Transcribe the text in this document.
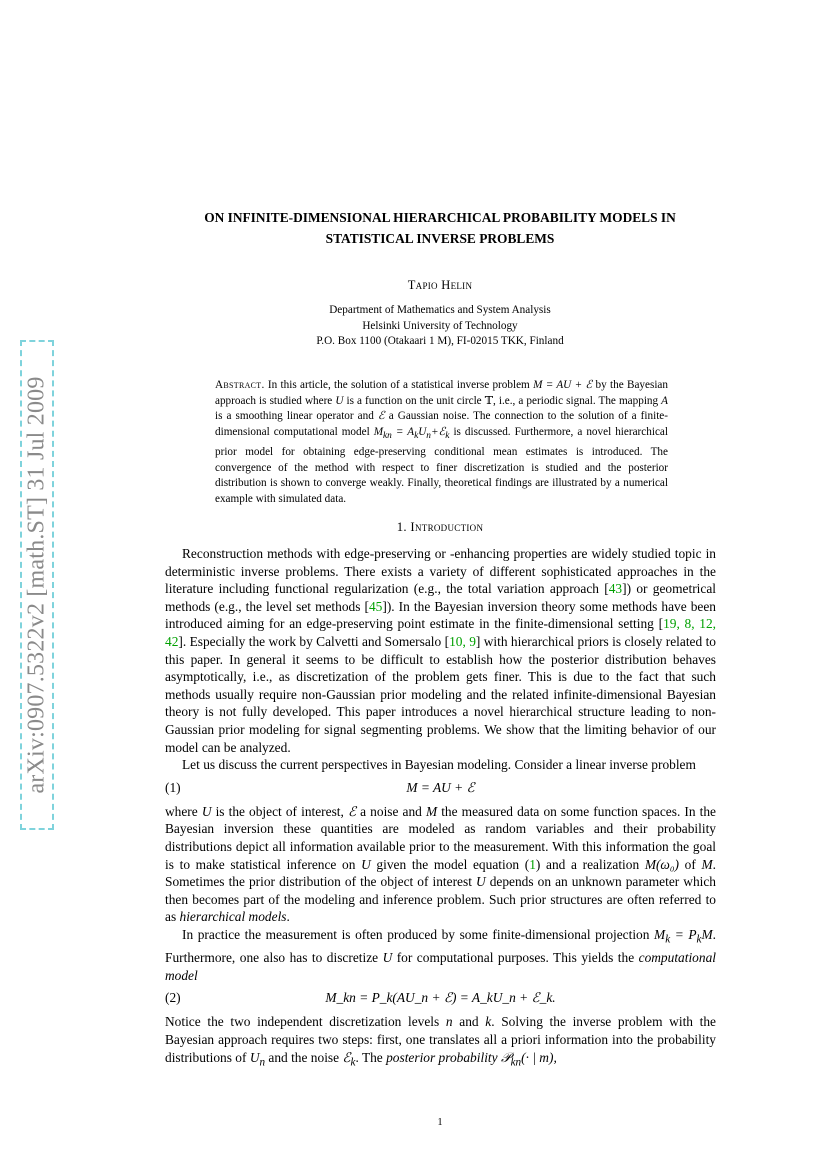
arXiv:0907.5322v2 [math.ST] 31 Jul 2009
ON INFINITE-DIMENSIONAL HIERARCHICAL PROBABILITY MODELS IN
STATISTICAL INVERSE PROBLEMS
Tapio Helin
Department of Mathematics and System Analysis
Helsinki University of Technology
P.O. Box 1100 (Otakaari 1 M), FI-02015 TKK, Finland
Abstract. In this article, the solution of a statistical inverse problem M = AU + ℰ by the Bayesian approach is studied where U is a function on the unit circle 𝕋, i.e., a periodic signal. The mapping A is a smoothing linear operator and ℰ a Gaussian noise. The connection to the solution of a finite-dimensional computational model $M_{kn}$ = $A_kU_n+ℰ_k$ is discussed. Furthermore, a novel hierarchical prior model for obtaining edge-preserving conditional mean estimates is introduced. The convergence of the method with respect to finer discretization is studied and the posterior distribution is shown to converge weakly. Finally, theoretical findings are illustrated by a numerical example with simulated data.
1. Introduction

Reconstruction methods with edge-preserving or -enhancing properties are widely studied topic in deterministic inverse problems. There exists a variety of different sophisticated approaches in the literature including functional regularization (e.g., the total variation approach [43]) or geometrical methods (e.g., the level set methods [45]). In the Bayesian inversion theory some methods have been introduced aiming for an edge-preserving point estimate in the finite-dimensional setting [19, 8, 12, 42]. Especially the work by Calvetti and Somersalo [10, 9] with hierarchical priors is closely related to this paper. In general it seems to be difficult to establish how the posterior distribution behaves asymptotically, i.e., as discretization of the problem gets finer. This is due to the fact that such methods usually require non-Gaussian prior modeling and the related infinite-dimensional Bayesian theory is not fully developed. This paper introduces a novel hierarchical structure leading to non-Gaussian prior modeling for signal segmenting problems. We show that the limiting behavior of our model can be analyzed.

Let us discuss the current perspectives in Bayesian modeling. Consider a linear inverse problem

(1)	M = AU + ℰ

where U is the object of interest, ℰ a noise and M the measured data on some function spaces. In the Bayesian inversion these quantities are modeled as random variables and their probability distributions depict all information available prior to the measurement. With this information the goal is to make statistical inference on U given the model equation (1) and a realization M(ω₀) of M. Sometimes the prior distribution of the object of interest U depends on an unknown parameter which then becomes part of the modeling and inference problem. Such prior structures are often referred to as hierarchical models.

In practice the measurement is often produced by some finite-dimensional projection $M_k = P_kM$. Furthermore, one also has to discretize U for computational purposes. This yields the computational model

(2)	M_kn = P_k(AU_n + ℰ) = A_kU_n + ℰ_k.

Notice the two independent discretization levels n and k. Solving the inverse problem with the Bayesian approach requires two steps: first, one translates all a priori information into the probability distributions of $U_n$ and the noise ℰ$_k$. The posterior probability 𝒫$_{kn}$(· | m),

1
